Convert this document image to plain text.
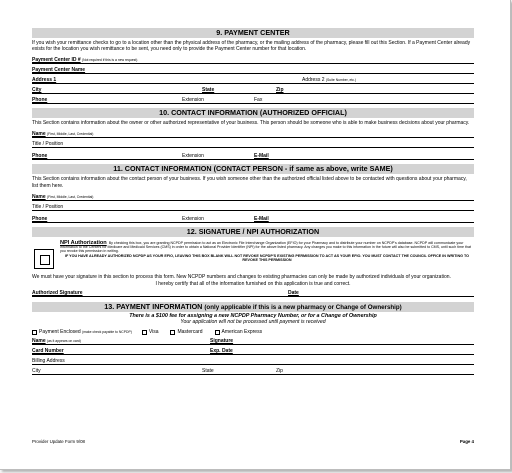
9. PAYMENT CENTER
If you wish your remittance checks to go to a location other than the physical address of the pharmacy, or the mailing address of the pharmacy, please fill out this Section. If a Payment Center already exists for the location you wish remittance to be sent, you need only to provide the Payment Center number for that location.
Payment Center ID #
(Not required if this is a new request)
Payment Center Name
Address 1	Address 2 (Suite Number, etc.)
City	State	Zip
Phone	Extension	Fax
10. CONTACT INFORMATION (AUTHORIZED OFFICIAL)
This Section contains information about the owner or other authorized representative of your business. This person should be someone who is able to make business decisions about your pharmacy.
Name
(First, Middle, Last, Credential)
Title / Position
Phone	Extension	E-Mail
11. CONTACT INFORMATION (CONTACT PERSON - if same as above, write SAME)
This Section contains information about the contact person of your business. If you wish someone other than the authorized official listed above to be contacted with questions about your pharmacy, list them here.
Name
(First, Middle, Last, Credential)
Title / Position
Phone	Extension	E-Mail
12. SIGNATURE / NPI AUTHORIZATION
NPI Authorization By checking this box, you are granting NCPDP permission to act as an Electronic File Interchange Organization (EFIO) for your Pharmacy and to distribute your number on NCPDP's database. NCPDP will communicate your information to the Centers for Medicare and Medicaid Services (CMS) in order to obtain a National Provider Identifier (NPI) for the above listed pharmacy. Any changes you make to this information in the future will also be submitted to CMS, until such time that you revoke this permission in writing.
IF YOU HAVE ALREADY AUTHORIZED NCPDP AS YOUR EFIO, LEAVING THIS BOX BLANK WILL NOT REVOKE NCPDP'S EXISTING PERMISSION TO ACT AS YOUR EFIO. YOU MUST CONTACT THE COUNCIL OFFICE IN WRITING TO REVOKE THIS PERMISSION
We must have your signature in this section to process this form. New NCPDP numbers and changes to existing pharmacies can only be made by authorized individuals of your organization.
I hereby certify that all of the information furnished on this application is true and correct.
Authorized Signature	Date
13. PAYMENT INFORMATION (only applicable if this is a new pharmacy or Change of Ownership)
There is a $100 fee for assigning a new NCPDP Pharmacy Number, or for a Change of Ownership
Your application will not be processed until payment is received
Payment Enclosed
(make check payable to NCPDP)	Visa	Mastercard	American Express
Name (as it appears on card)	Signature
Card Number	Exp. Date
Billing Address
City	State	Zip
Provider Update Form 9/08	Page 4
